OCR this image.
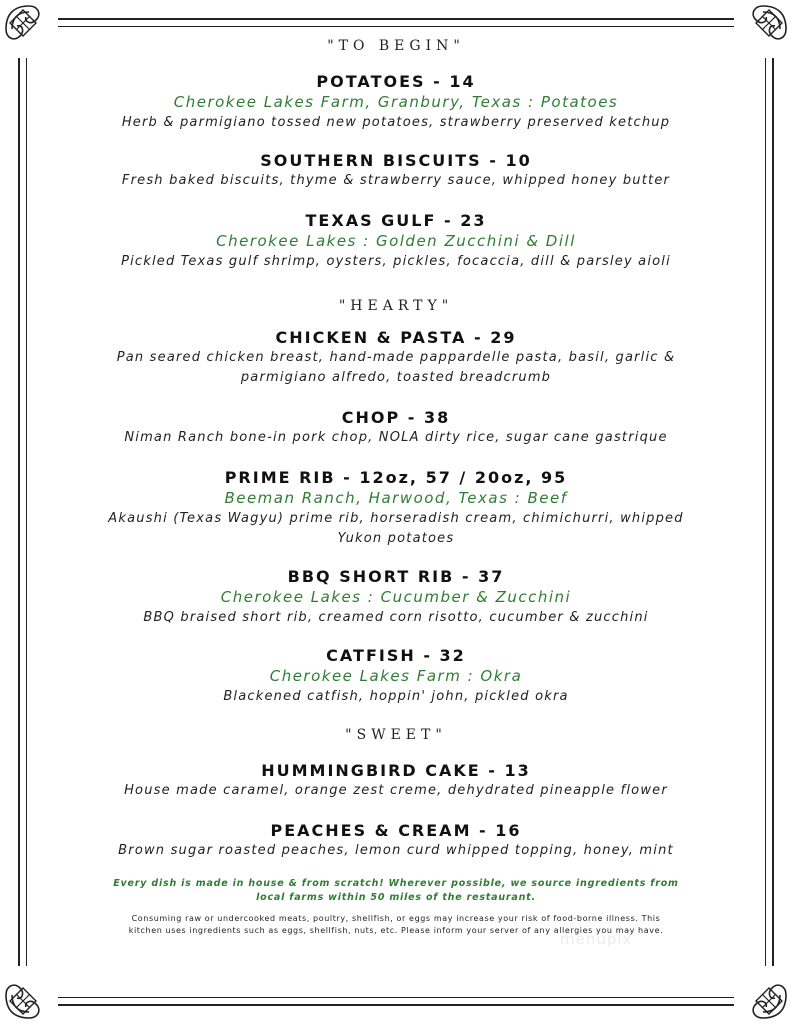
"TO BEGIN"

POTATOES - 14

Cherokee Lakes Farm, Granbury, Texas : Potatoes

Herb & parmigiano tossed new potatoes, strawberry preserved ketchup

SOUTHERN BISCUITS - 10

Fresh baked biscuits, thyme & strawberry sauce, whipped honey butter

TEXAS GULF - 23

Cherokee Lakes : Golden Zucchini & Dill

Pickled Texas gulf shrimp, oysters, pickles, focaccia, dill & parsley aioli

"HEARTY"

CHICKEN & PASTA - 29

Pan seared chicken breast, hand-made pappardelle pasta, basil, garlic &

parmigiano alfredo, toasted breadcrumb

CHOP - 38

Niman Ranch bone-in pork chop, NOLA dirty rice, sugar cane gastrique

PRIME RIB - 12oz, 57 / 20oz, 95

Beeman Ranch, Harwood, Texas : Beef

Akaushi (Texas Wagyu) prime rib, horseradish cream, chimichurri, whipped

Yukon potatoes

BBQ SHORT RIB - 37

Cherokee Lakes : Cucumber & Zucchini

BBQ braised short rib, creamed corn risotto, cucumber & zucchini

CATFISH - 32

Cherokee Lakes Farm : Okra

Blackened catfish, hoppin' john, pickled okra

"SWEET"

HUMMINGBIRD CAKE - 13

House made caramel, orange zest creme, dehydrated pineapple flower

PEACHES & CREAM - 16

Brown sugar roasted peaches, lemon curd whipped topping, honey, mint

Every dish is made in house & from scratch! Wherever possible, we source ingredients from

local farms within 50 miles of the restaurant.

Consuming raw or undercooked meats, poultry, shellfish, or eggs may increase your risk of food-borne illness. This

kitchen uses ingredients such as eggs, shellfish, nuts, etc. Please inform your server of any allergies you may have.

menupix
